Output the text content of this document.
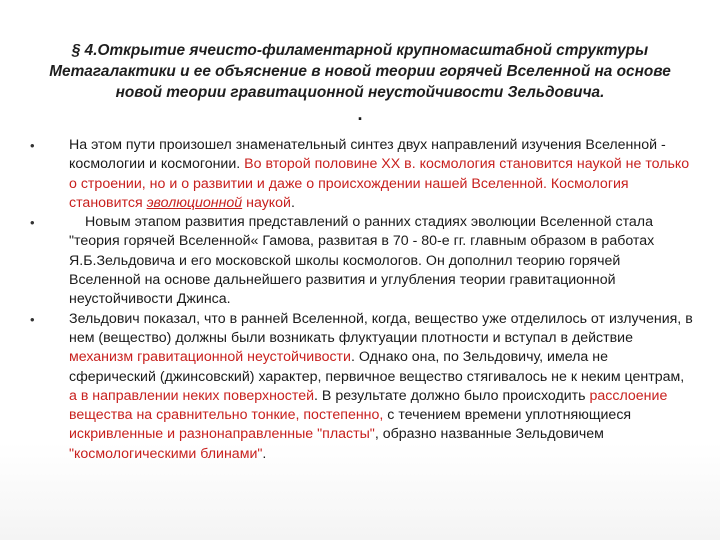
§ 4.Открытие ячеисто-филаментарной крупномасштабной структуры Метагалактики и ее объяснение в новой теории горячей Вселенной на основе новой теории гравитационной неустойчивости Зельдовича.
.
• На этом пути произошел знаменательный синтез двух направлений изучения Вселенной - космологии и космогонии. Во второй половине XX в. космология становится наукой не только о строении, но и о развитии и даже о происхождении нашей Вселенной. Космология становится эволюционной наукой.
•	Новым этапом развития представлений о ранних стадиях эволюции Вселенной стала "теория горячей Вселенной« Гамова, развитая в 70 - 80-е гг. главным образом в работах Я.Б.Зельдовича и его московской школы космологов. Он дополнил теорию горячей Вселенной на основе дальнейшего развития и углубления теории гравитационной неустойчивости Джинса.
• Зельдович показал, что в ранней Вселенной, когда, вещество уже отделилось от излучения, в нем (вещество) должны были возникать флуктуации плотности и вступал в действие механизм гравитационной неустойчивости. Однако она, по Зельдовичу, имела не сферический (джинсовский) характер, первичное вещество стягивалось не к неким центрам, а в направлении неких поверхностей. В результате должно было происходить расслоение вещества на сравнительно тонкие, постепенно, с течением времени уплотняющиеся искривленные и разнонаправленные "пласты", образно названные Зельдовичем "космологическими блинами".
